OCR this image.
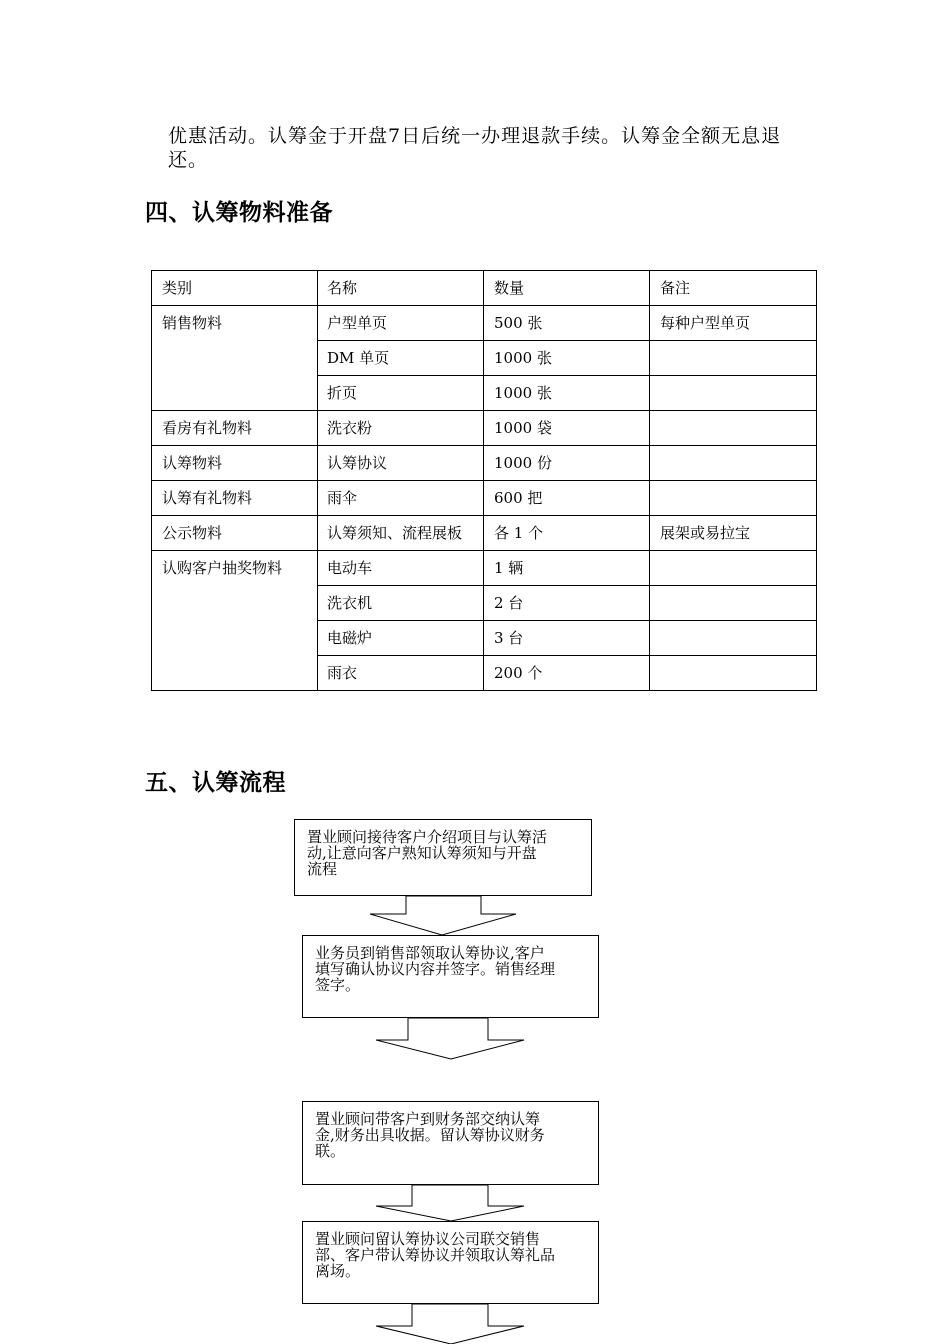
优惠活动。认筹金于开盘7日后统一办理退款手续。认筹金全额无息退还。
四、认筹物料准备
类别	名称	数量	备注
销售物料	户型单页	500 张	每种户型单页
	DM 单页	1000 张	
	折页	1000 张	
看房有礼物料	洗衣粉	1000 袋	
认筹物料	认筹协议	1000 份	
认筹有礼物料	雨伞	600 把	
公示物料	认筹须知、流程展板	各 1 个	展架或易拉宝
认购客户抽奖物料	电动车	1 辆	
	洗衣机	2 台	
	电磁炉	3 台	
	雨衣	200 个	
五、认筹流程
置业顾问接待客户介绍项目与认筹活
动,让意向客户熟知认筹须知与开盘
流程
业务员到销售部领取认筹协议,客户
填写确认协议内容并签字。销售经理
签字。
置业顾问带客户到财务部交纳认筹
金,财务出具收据。留认筹协议财务
联。
置业顾问留认筹协议公司联交销售
部、客户带认筹协议并领取认筹礼品
离场。
